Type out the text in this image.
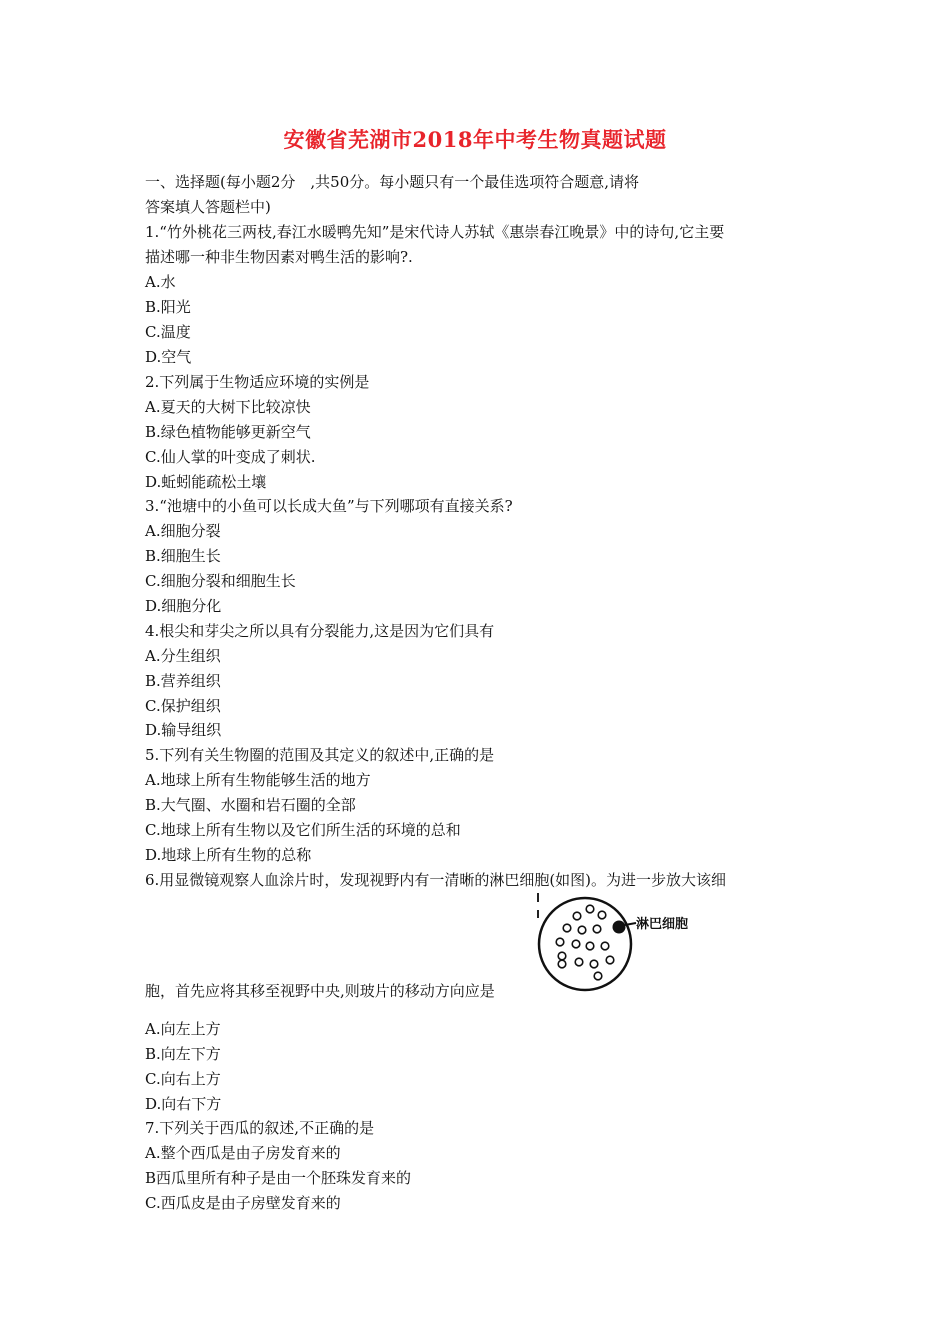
安徽省芜湖市2018年中考生物真题试题
一、选择题(每小题2分　,共50分。每小题只有一个最佳选项符合题意,请将
答案填人答题栏中)
1.“竹外桃花三两枝,春江水暖鸭先知”是宋代诗人苏轼《惠崇春江晚景》中的诗句,它主要
描述哪一种非生物因素对鸭生活的影响?.
A.水
B.阳光
C.温度
D.空气
2.下列属于生物适应环境的实例是
A.夏天的大树下比较凉快
B.绿色植物能够更新空气
C.仙人掌的叶变成了刺状.
D.蚯蚓能疏松土壤
3.“池塘中的小鱼可以长成大鱼”与下列哪项有直接关系?
A.细胞分裂
B.细胞生长
C.细胞分裂和细胞生长
D.细胞分化
4.根尖和芽尖之所以具有分裂能力,这是因为它们具有
A.分生组织
B.营养组织
C.保护组织
D.输导组织
5.下列有关生物圈的范围及其定义的叙述中,正确的是
A.地球上所有生物能够生活的地方
B.大气圈、水圈和岩石圈的全部
C.地球上所有生物以及它们所生活的环境的总和
D.地球上所有生物的总称
6.用显微镜观察人血涂片时，发现视野内有一清晰的淋巴细胞(如图)。为进一步放大该细
淋巴细胞
胞，首先应将其移至视野中央,则玻片的移动方向应是
A.向左上方
B.向左下方
C.向右上方
D.向右下方
7.下列关于西瓜的叙述,不正确的是
A.整个西瓜是由子房发育来的
B西瓜里所有种子是由一个胚珠发育来的
C.西瓜皮是由子房壁发育来的
